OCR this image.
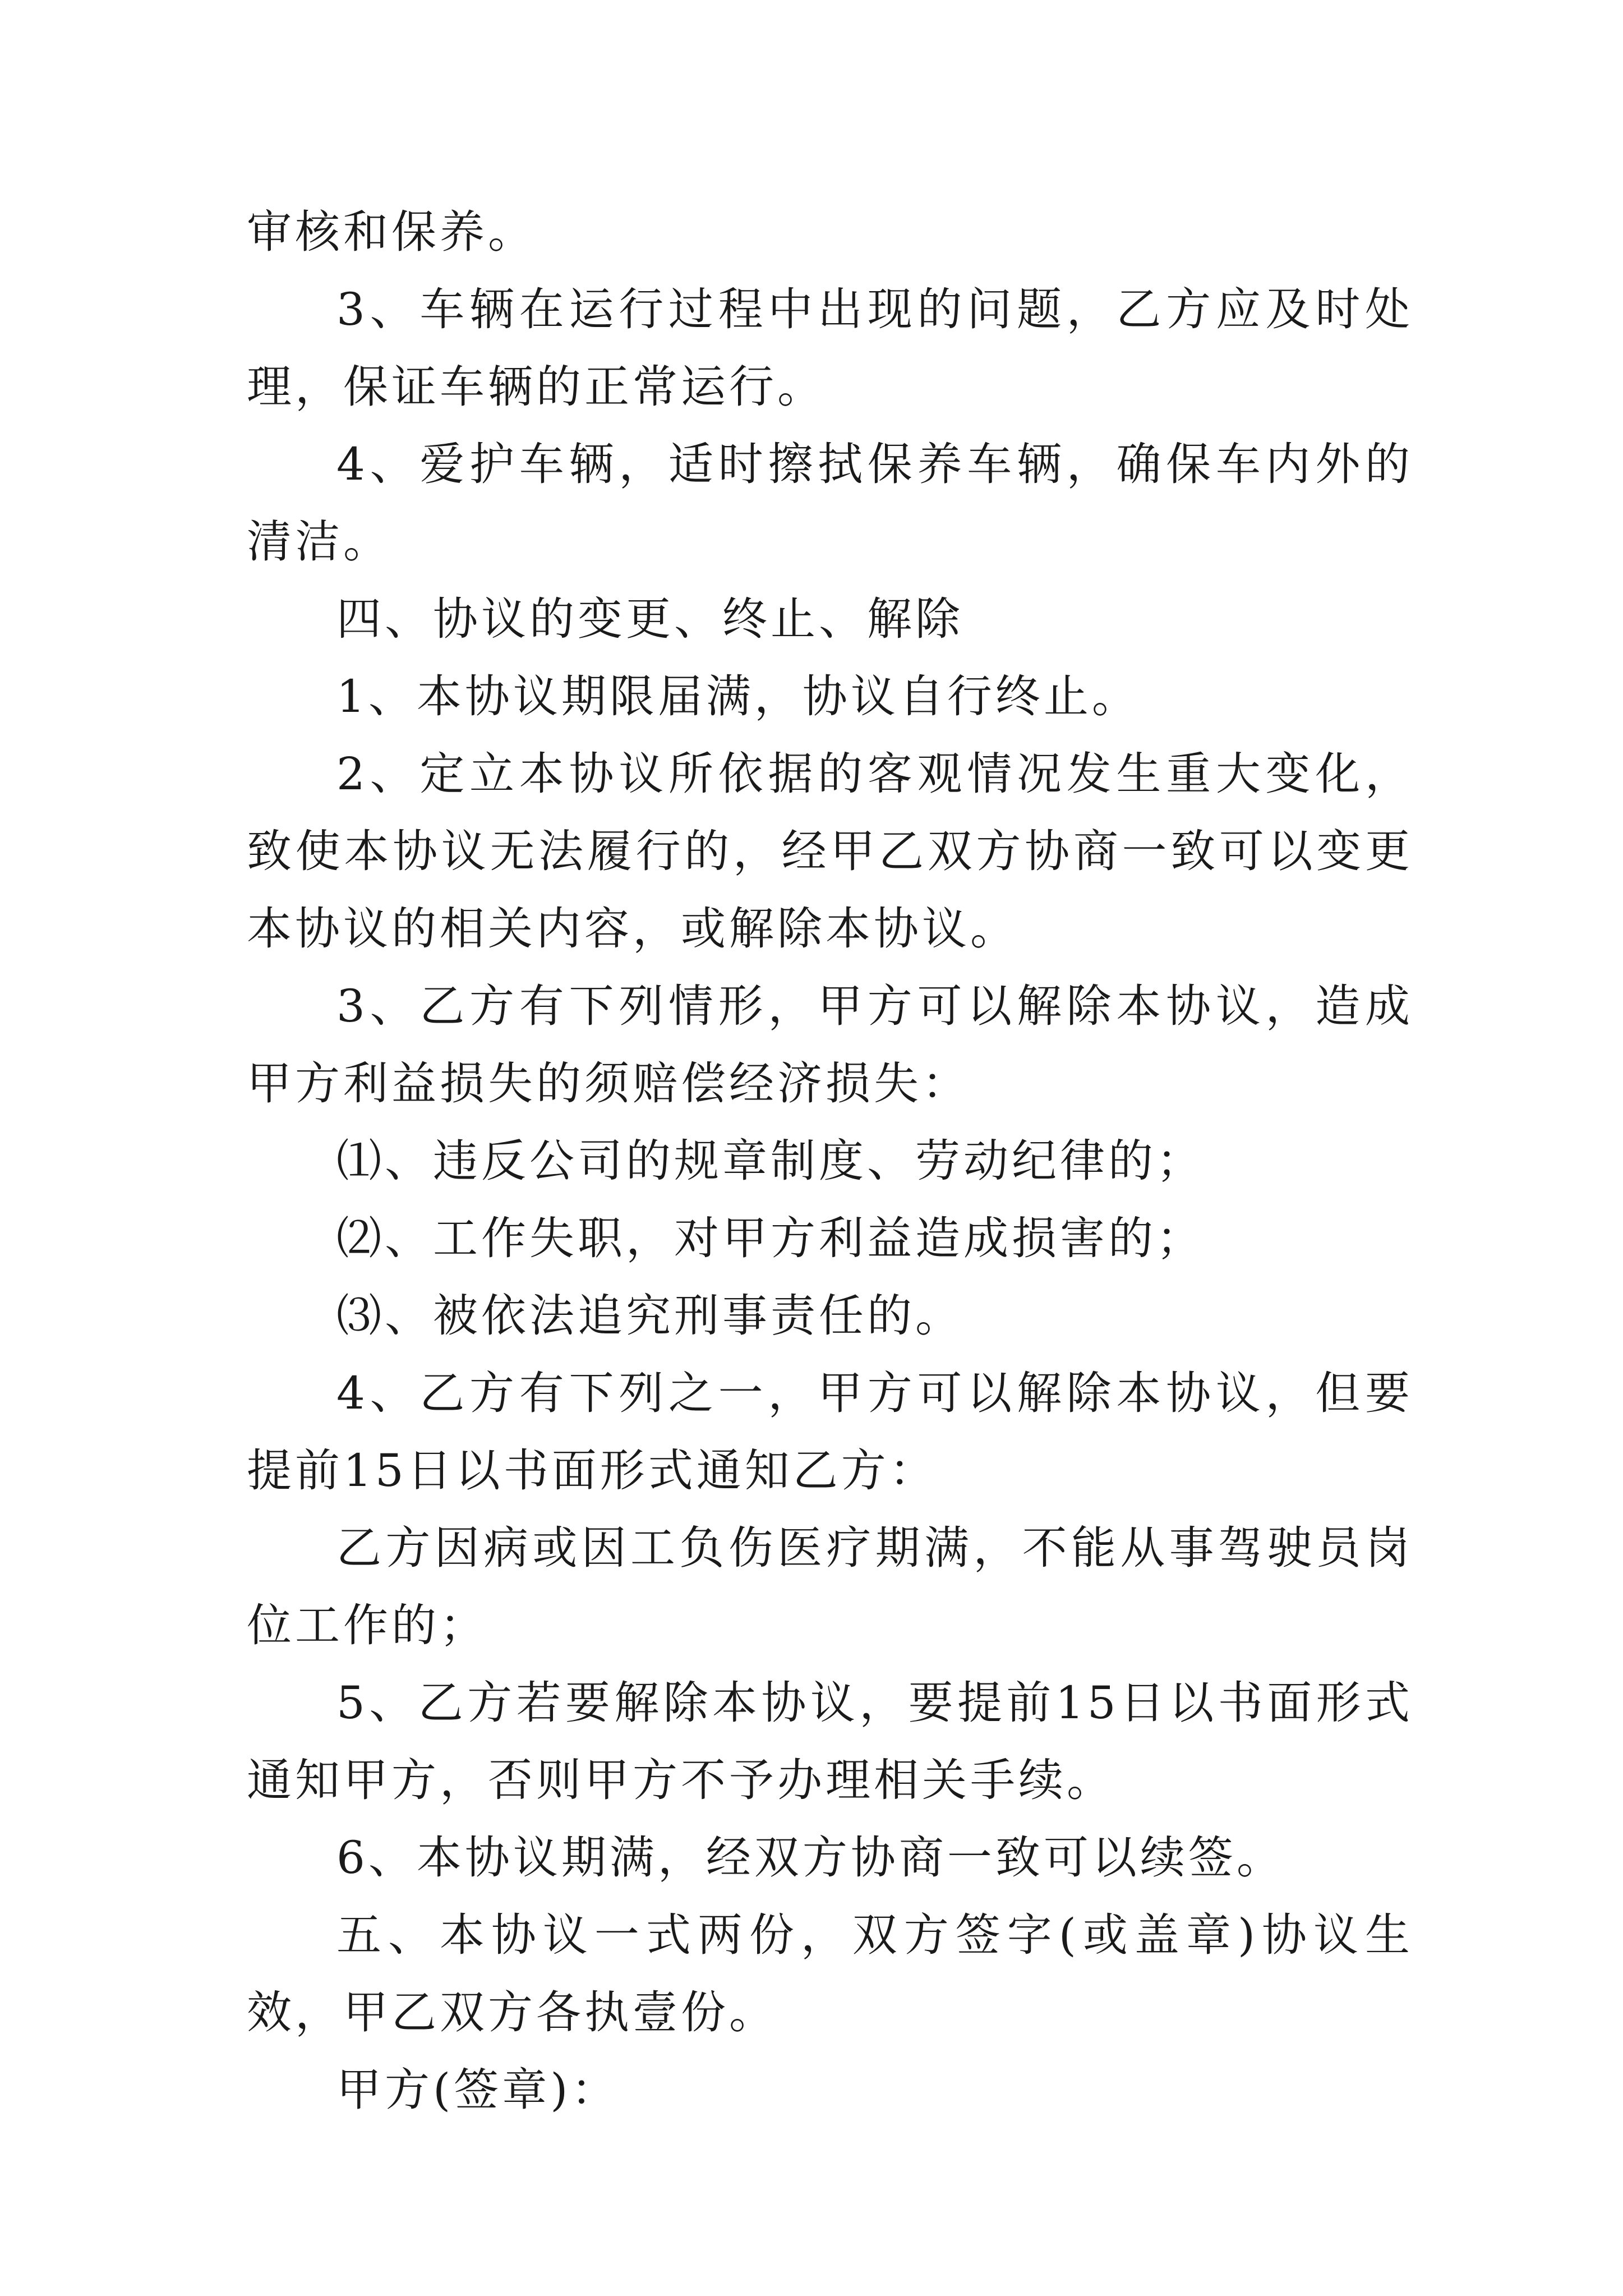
审核和保养。

3、车辆在运行过程中出现的问题，乙方应及时处理，保证车辆的正常运行。

4、爱护车辆，适时擦拭保养车辆，确保车内外的清洁。

四、协议的变更、终止、解除

1、本协议期限届满，协议自行终止。

2、定立本协议所依据的客观情况发生重大变化，致使本协议无法履行的，经甲乙双方协商一致可以变更本协议的相关内容，或解除本协议。

3、乙方有下列情形，甲方可以解除本协议，造成甲方利益损失的须赔偿经济损失：

⑴、违反公司的规章制度、劳动纪律的；

⑵、工作失职，对甲方利益造成损害的；

⑶、被依法追究刑事责任的。

4、乙方有下列之一，甲方可以解除本协议，但要提前15日以书面形式通知乙方：

乙方因病或因工负伤医疗期满，不能从事驾驶员岗位工作的；

5、乙方若要解除本协议，要提前15日以书面形式通知甲方，否则甲方不予办理相关手续。

6、本协议期满，经双方协商一致可以续签。

五、本协议一式两份，双方签字(或盖章)协议生效，甲乙双方各执壹份。

甲方(签章)：
